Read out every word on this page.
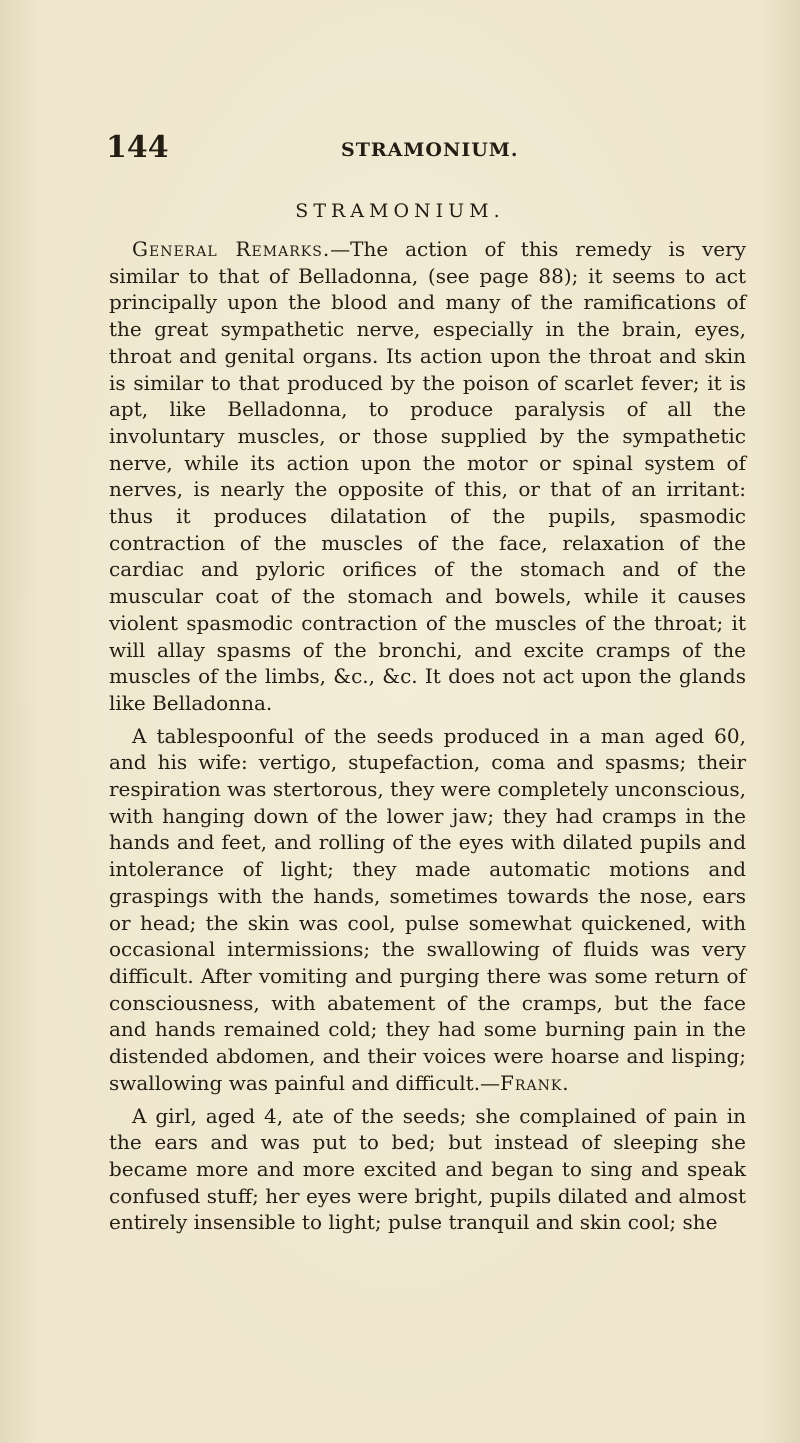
144	STRAMONIUM.
STRAMONIUM.

General Remarks.—The action of this remedy is very similar to that of Belladonna, (see page 88); it seems to act principally upon the blood and many of the ramifications of the great sympathetic nerve, especially in the brain, eyes, throat and genital organs. Its action upon the throat and skin is similar to that produced by the poison of scarlet fever; it is apt, like Belladonna, to produce paralysis of all the involuntary muscles, or those supplied by the sympathetic nerve, while its action upon the motor or spinal system of nerves, is nearly the opposite of this, or that of an irritant: thus it produces dilatation of the pupils, spasmodic contraction of the muscles of the face, relaxation of the cardiac and pyloric orifices of the stomach and of the muscular coat of the stomach and bowels, while it causes violent spasmodic contraction of the muscles of the throat; it will allay spasms of the bronchi, and excite cramps of the muscles of the limbs, &c., &c. It does not act upon the glands like Belladonna.

A tablespoonful of the seeds produced in a man aged 60, and his wife: vertigo, stupefaction, coma and spasms; their respiration was stertorous, they were completely unconscious, with hanging down of the lower jaw; they had cramps in the hands and feet, and rolling of the eyes with dilated pupils and intolerance of light; they made automatic motions and graspings with the hands, sometimes towards the nose, ears or head; the skin was cool, pulse somewhat quickened, with occasional intermissions; the swallowing of fluids was very difficult. After vomiting and purging there was some return of consciousness, with abatement of the cramps, but the face and hands remained cold; they had some burning pain in the distended abdomen, and their voices were hoarse and lisping; swallowing was painful and difficult.—Frank.

A girl, aged 4, ate of the seeds; she complained of pain in the ears and was put to bed; but instead of sleeping she became more and more excited and began to sing and speak confused stuff; her eyes were bright, pupils dilated and almost entirely insensible to light; pulse tranquil and skin cool; she
